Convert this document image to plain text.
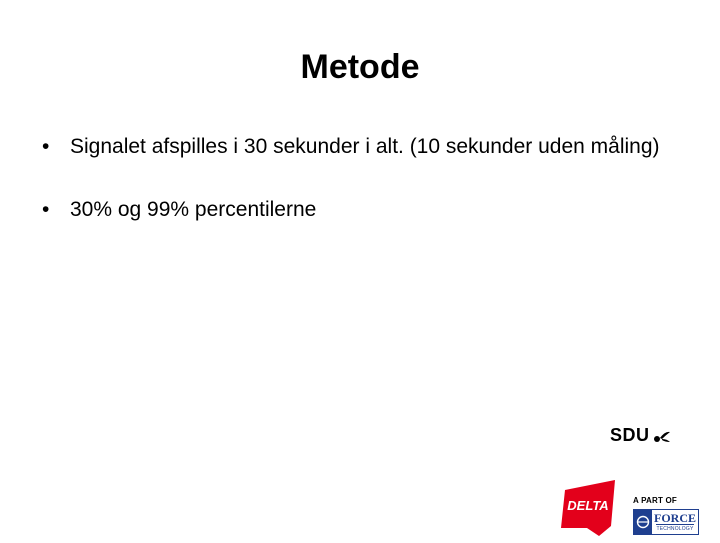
Metode
• Signalet afspilles i 30 sekunder i alt. (10 sekunder uden måling)
• 30% og 99% percentilerne
SDU
DELTA	A PART OF
FORCE
TECHNOLOGY
